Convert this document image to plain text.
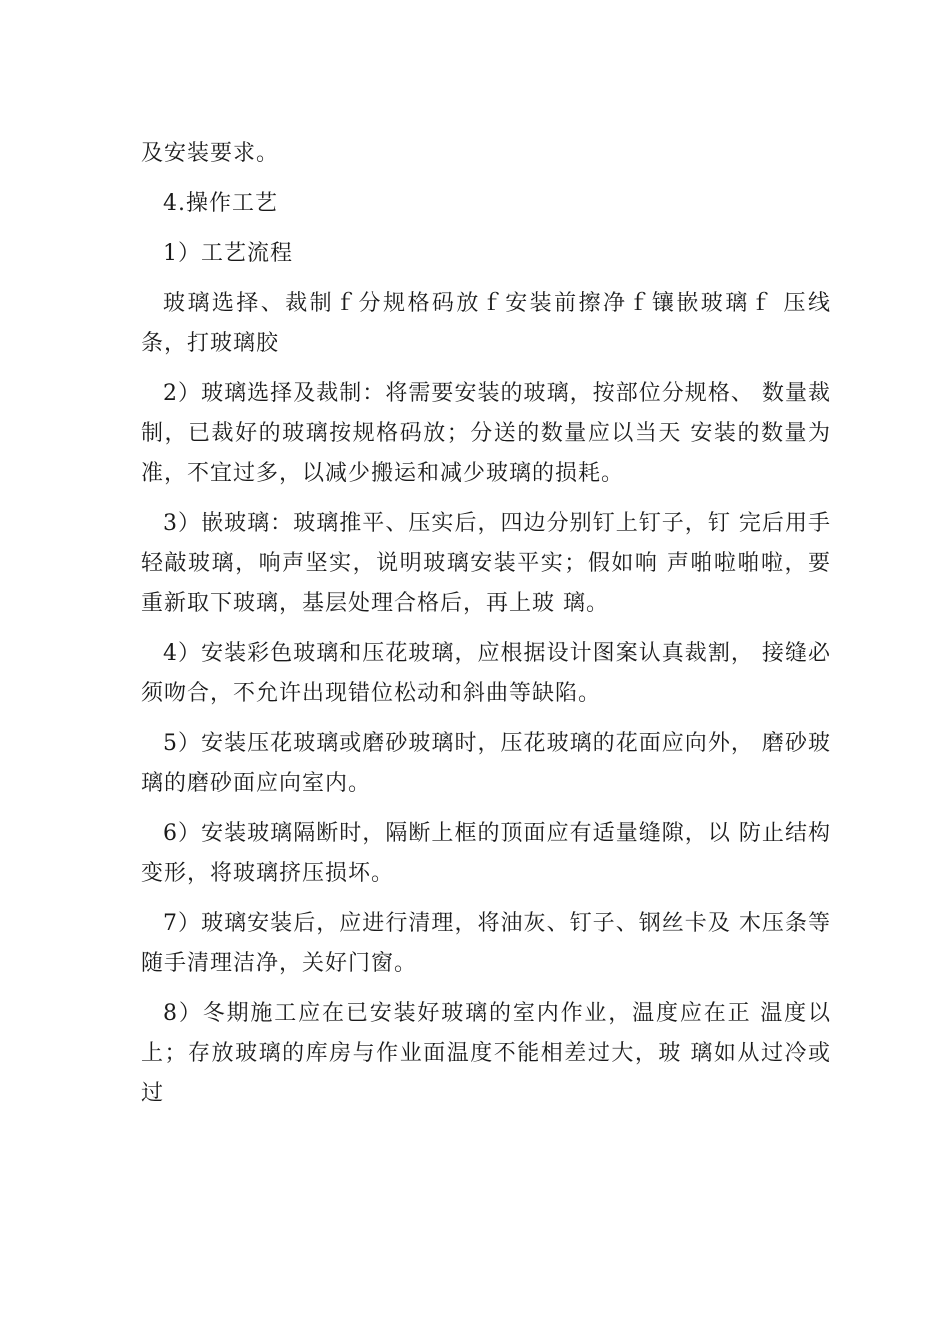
及安装要求。

4.操作工艺

1）工艺流程

玻璃选择、裁制ｆ分规格码放ｆ安装前擦净ｆ镶嵌玻璃ｆ 压线条，打玻璃胶

2）玻璃选择及裁制：将需要安装的玻璃，按部位分规格、 数量裁制，已裁好的玻璃按规格码放；分送的数量应以当天 安装的数量为准，不宜过多，以减少搬运和减少玻璃的损耗。

3）嵌玻璃：玻璃推平、压实后，四边分别钉上钉子，钉 完后用手轻敲玻璃，响声坚实，说明玻璃安装平实；假如响 声啪啦啪啦，要重新取下玻璃，基层处理合格后，再上玻 璃。

4）安装彩色玻璃和压花玻璃，应根据设计图案认真裁割， 接缝必须吻合，不允许出现错位松动和斜曲等缺陷。

5）安装压花玻璃或磨砂玻璃时，压花玻璃的花面应向外， 磨砂玻璃的磨砂面应向室内。

6）安装玻璃隔断时，隔断上框的顶面应有适量缝隙，以 防止结构变形，将玻璃挤压损坏。

7）玻璃安装后，应进行清理，将油灰、钉子、钢丝卡及 木压条等随手清理洁净，关好门窗。

8）冬期施工应在已安装好玻璃的室内作业，温度应在正 温度以上；存放玻璃的库房与作业面温度不能相差过大，玻 璃如从过冷或过
